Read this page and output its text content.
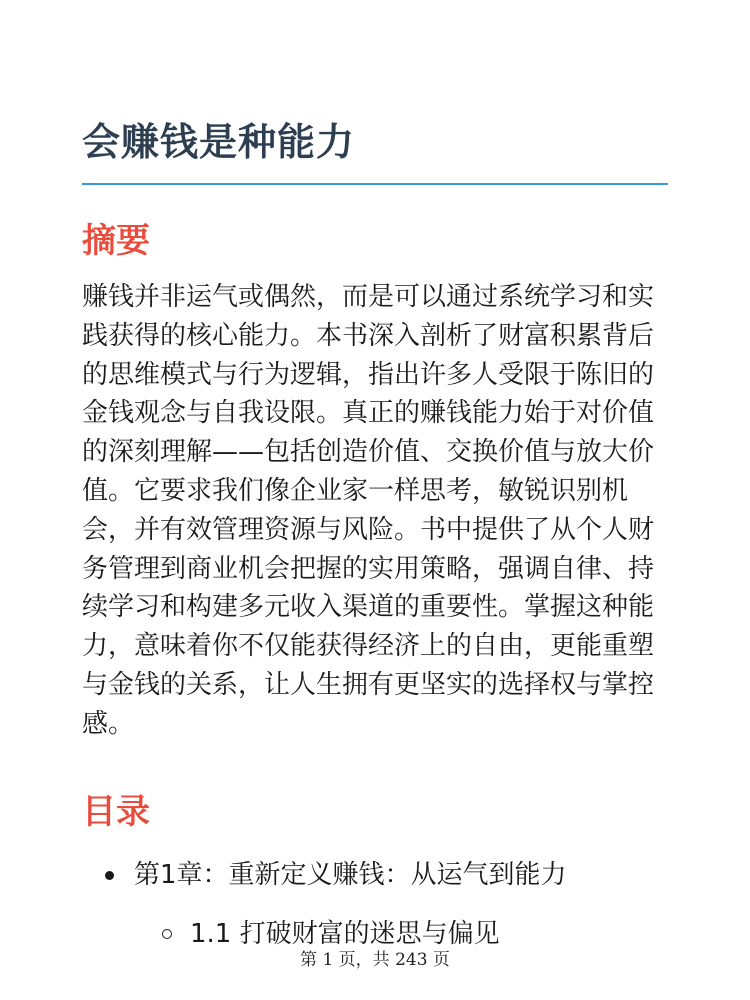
会赚钱是种能力
摘要

赚钱并非运气或偶然，而是可以通过系统学习和实践获得的核心能力。本书深入剖析了财富积累背后的思维模式与行为逻辑，指出许多人受限于陈旧的金钱观念与自我设限。真正的赚钱能力始于对价值的深刻理解——包括创造价值、交换价值与放大价值。它要求我们像企业家一样思考，敏锐识别机会，并有效管理资源与风险。书中提供了从个人财务管理到商业机会把握的实用策略，强调自律、持续学习和构建多元收入渠道的重要性。掌握这种能力，意味着你不仅能获得经济上的自由，更能重塑与金钱的关系，让人生拥有更坚实的选择权与掌控感。

目录
第1章：重新定义赚钱：从运气到能力
1.1 打破财富的迷思与偏见
第 1 页，共 243 页
